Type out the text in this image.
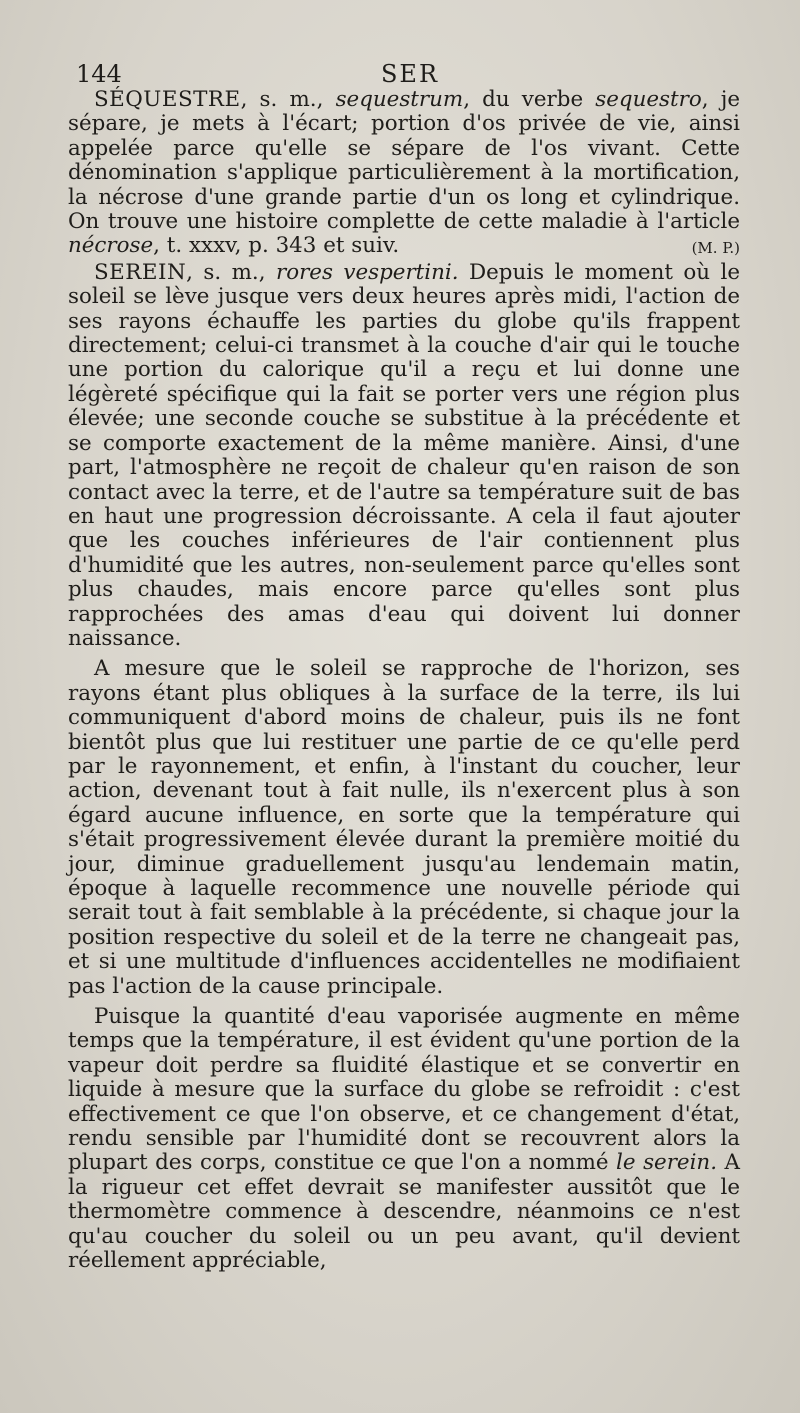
144	SER

SÉQUESTRE, s. m., sequestrum, du verbe sequestro, je sépare, je mets à l'écart; portion d'os privée de vie, ainsi appelée parce qu'elle se sépare de l'os vivant. Cette dénomination s'applique particulièrement à la mortification, la nécrose d'une grande partie d'un os long et cylindrique. On trouve une histoire complette de cette maladie à l'article nécrose, t. xxxv, p. 343 et suiv.	(M. P.)

SEREIN, s. m., rores vespertini. Depuis le moment où le soleil se lève jusque vers deux heures après midi, l'action de ses rayons échauffe les parties du globe qu'ils frappent directement; celui-ci transmet à la couche d'air qui le touche une portion du calorique qu'il a reçu et lui donne une légèreté spécifique qui la fait se porter vers une région plus élevée; une seconde couche se substitue à la précédente et se comporte exactement de la même manière. Ainsi, d'une part, l'atmosphère ne reçoit de chaleur qu'en raison de son contact avec la terre, et de l'autre sa température suit de bas en haut une progression décroissante. A cela il faut ajouter que les couches inférieures de l'air contiennent plus d'humidité que les autres, non-seulement parce qu'elles sont plus chaudes, mais encore parce qu'elles sont plus rapprochées des amas d'eau qui doivent lui donner naissance.

A mesure que le soleil se rapproche de l'horizon, ses rayons étant plus obliques à la surface de la terre, ils lui communiquent d'abord moins de chaleur, puis ils ne font bientôt plus que lui restituer une partie de ce qu'elle perd par le rayonnement, et enfin, à l'instant du coucher, leur action, devenant tout à fait nulle, ils n'exercent plus à son égard aucune influence, en sorte que la température qui s'était progressivement élevée durant la première moitié du jour, diminue graduellement jusqu'au lendemain matin, époque à laquelle recommence une nouvelle période qui serait tout à fait semblable à la précédente, si chaque jour la position respective du soleil et de la terre ne changeait pas, et si une multitude d'influences accidentelles ne modifiaient pas l'action de la cause principale.

Puisque la quantité d'eau vaporisée augmente en même temps que la température, il est évident qu'une portion de la vapeur doit perdre sa fluidité élastique et se convertir en liquide à mesure que la surface du globe se refroidit : c'est effectivement ce que l'on observe, et ce changement d'état, rendu sensible par l'humidité dont se recouvrent alors la plupart des corps, constitue ce que l'on a nommé le serein. A la rigueur cet effet devrait se manifester aussitôt que le thermomètre commence à descendre, néanmoins ce n'est qu'au coucher du soleil ou un peu avant, qu'il devient réellement appréciable,
